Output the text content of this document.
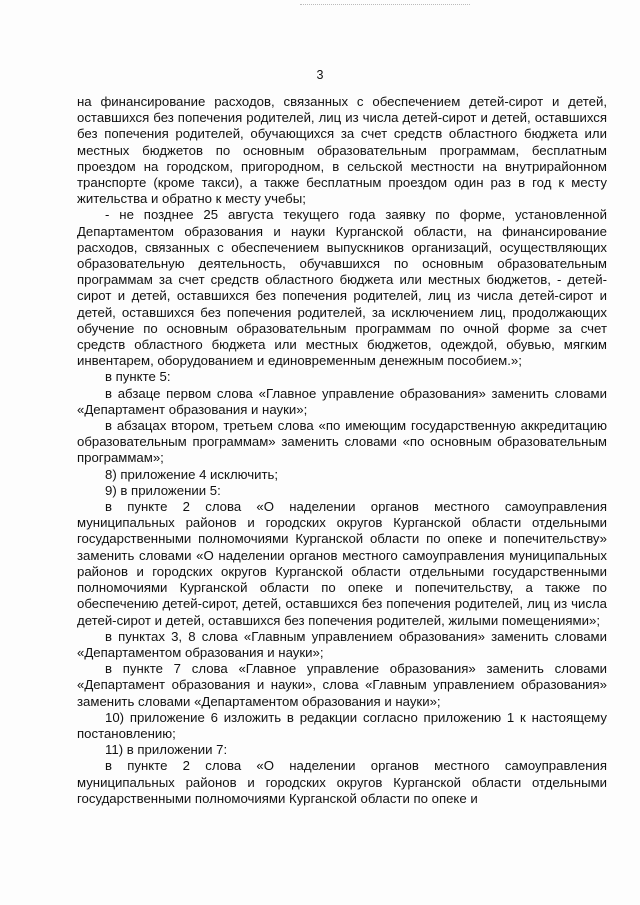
3

на финансирование расходов, связанных с обеспечением детей-сирот и детей, оставшихся без попечения родителей, лиц из числа детей-сирот и детей, оставшихся без попечения родителей, обучающихся за счет средств областного бюджета или местных бюджетов по основным образовательным программам, бесплатным проездом на городском, пригородном, в сельской местности на внутрирайонном транспорте (кроме такси), а также бесплатным проездом один раз в год к месту жительства и обратно к месту учебы;

- не позднее 25 августа текущего года заявку по форме, установленной Департаментом образования и науки Курганской области, на финансирование расходов, связанных с обеспечением выпускников организаций, осуществляющих образовательную деятельность, обучавшихся по основным образовательным программам за счет средств областного бюджета или местных бюджетов, - детей-сирот и детей, оставшихся без попечения родителей, лиц из числа детей-сирот и детей, оставшихся без попечения родителей, за исключением лиц, продолжающих обучение по основным образовательным программам по очной форме за счет средств областного бюджета или местных бюджетов, одеждой, обувью, мягким инвентарем, оборудованием и единовременным денежным пособием.»;

в пункте 5:

в абзаце первом слова «Главное управление образования» заменить словами «Департамент образования и науки»;

в абзацах втором, третьем слова «по имеющим государственную аккредитацию образовательным программам» заменить словами «по основным образовательным программам»;

8) приложение 4 исключить;

9) в приложении 5:

в пункте 2 слова «О наделении органов местного самоуправления муниципальных районов и городских округов Курганской области отдельными государственными полномочиями Курганской области по опеке и попечительству» заменить словами «О наделении органов местного самоуправления муниципальных районов и городских округов Курганской области отдельными государственными полномочиями Курганской области по опеке и попечительству, а также по обеспечению детей-сирот, детей, оставшихся без попечения родителей, лиц из числа детей-сирот и детей, оставшихся без попечения родителей, жилыми помещениями»;

в пунктах 3, 8 слова «Главным управлением образования» заменить словами «Департаментом образования и науки»;

в пункте 7 слова «Главное управление образования» заменить словами «Департамент образования и науки», слова «Главным управлением образования» заменить словами «Департаментом образования и науки»;

10) приложение 6 изложить в редакции согласно приложению 1 к настоящему постановлению;

11) в приложении 7:

в пункте 2 слова «О наделении органов местного самоуправления муниципальных районов и городских округов Курганской области отдельными государственными полномочиями Курганской области по опеке и
